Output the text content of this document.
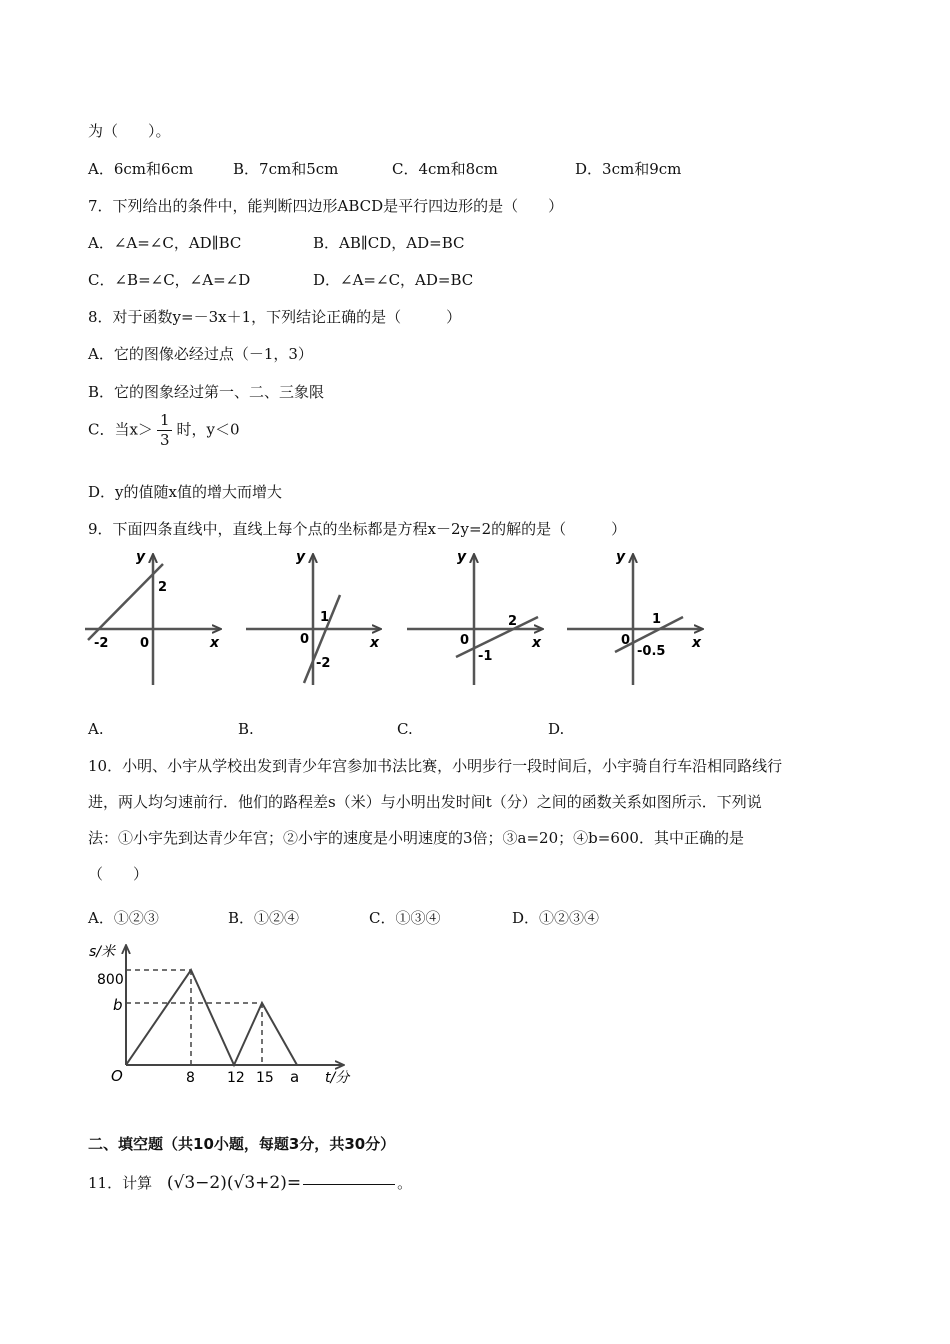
为（　　）。
A．6cm和6cm	B．7cm和5cm	C．4cm和8cm	D．3cm和9cm
7．下列给出的条件中，能判断四边形ABCD是平行四边形的是（　　）
A．∠A=∠C，AD∥BC	B．AB∥CD，AD=BC
C．∠B=∠C，∠A=∠D	D．∠A=∠C，AD=BC
8．对于函数y=－3x＋1，下列结论正确的是（　　　）
A．它的图像必经过点（－1，3）
B．它的图象经过第一、二、三象限
C．当$x> \frac{1}{3}$ 时，y＜0
D．y的值随x值的增大而增大
9．下面四条直线中，直线上每个点的坐标都是方程x－2y=2的解的是（　　　）
y
x
-2 0
2
y
x
0
1
-2
y
x
0
2
-1
y
x
0
1
-0.5
A.	B.	C.	D.
10．小明、小宇从学校出发到青少年宫参加书法比赛，小明步行一段时间后，小宇骑自行车沿相同路线行
进，两人均匀速前行．他们的路程差s（米）与小明出发时间t（分）之间的函数关系如图所示．下列说
法：①小宇先到达青少年宫；②小宇的速度是小明速度的3倍；③a=20；④b=600．其中正确的是
（　　）
A．①②③	B．①②④	C．①③④	D．①②③④
s/米
800
b
O	8 12 15 a t/分
二、填空题（共10小题，每题3分，共30分）
11．计算 (√3−2)(√3+2)=	。
